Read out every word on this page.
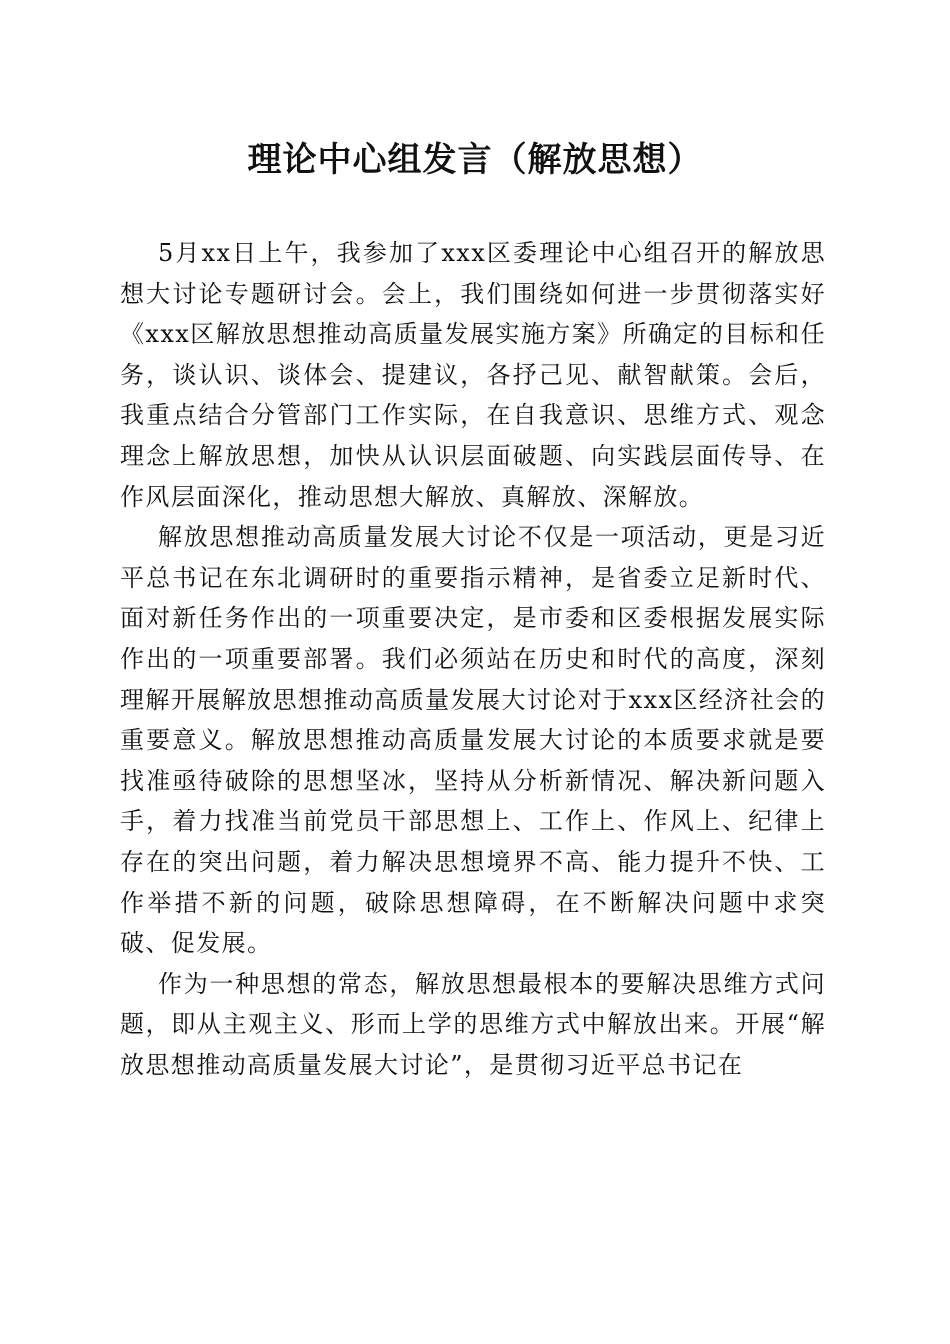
理论中心组发言（解放思想）

5月xx日上午，我参加了xxx区委理论中心组召开的解放思想大讨论专题研讨会。会上，我们围绕如何进一步贯彻落实好《xxx区解放思想推动高质量发展实施方案》所确定的目标和任务，谈认识、谈体会、提建议，各抒己见、献智献策。会后，我重点结合分管部门工作实际，在自我意识、思维方式、观念理念上解放思想，加快从认识层面破题、向实践层面传导、在作风层面深化，推动思想大解放、真解放、深解放。

解放思想推动高质量发展大讨论不仅是一项活动，更是习近平总书记在东北调研时的重要指示精神，是省委立足新时代、面对新任务作出的一项重要决定，是市委和区委根据发展实际作出的一项重要部署。我们必须站在历史和时代的高度，深刻理解开展解放思想推动高质量发展大讨论对于xxx区经济社会的重要意义。解放思想推动高质量发展大讨论的本质要求就是要找准亟待破除的思想坚冰，坚持从分析新情况、解决新问题入手，着力找准当前党员干部思想上、工作上、作风上、纪律上存在的突出问题，着力解决思想境界不高、能力提升不快、工作举措不新的问题，破除思想障碍，在不断解决问题中求突破、促发展。

作为一种思想的常态，解放思想最根本的要解决思维方式问题，即从主观主义、形而上学的思维方式中解放出来。开展“解放思想推动高质量发展大讨论”，是贯彻习近平总书记在
